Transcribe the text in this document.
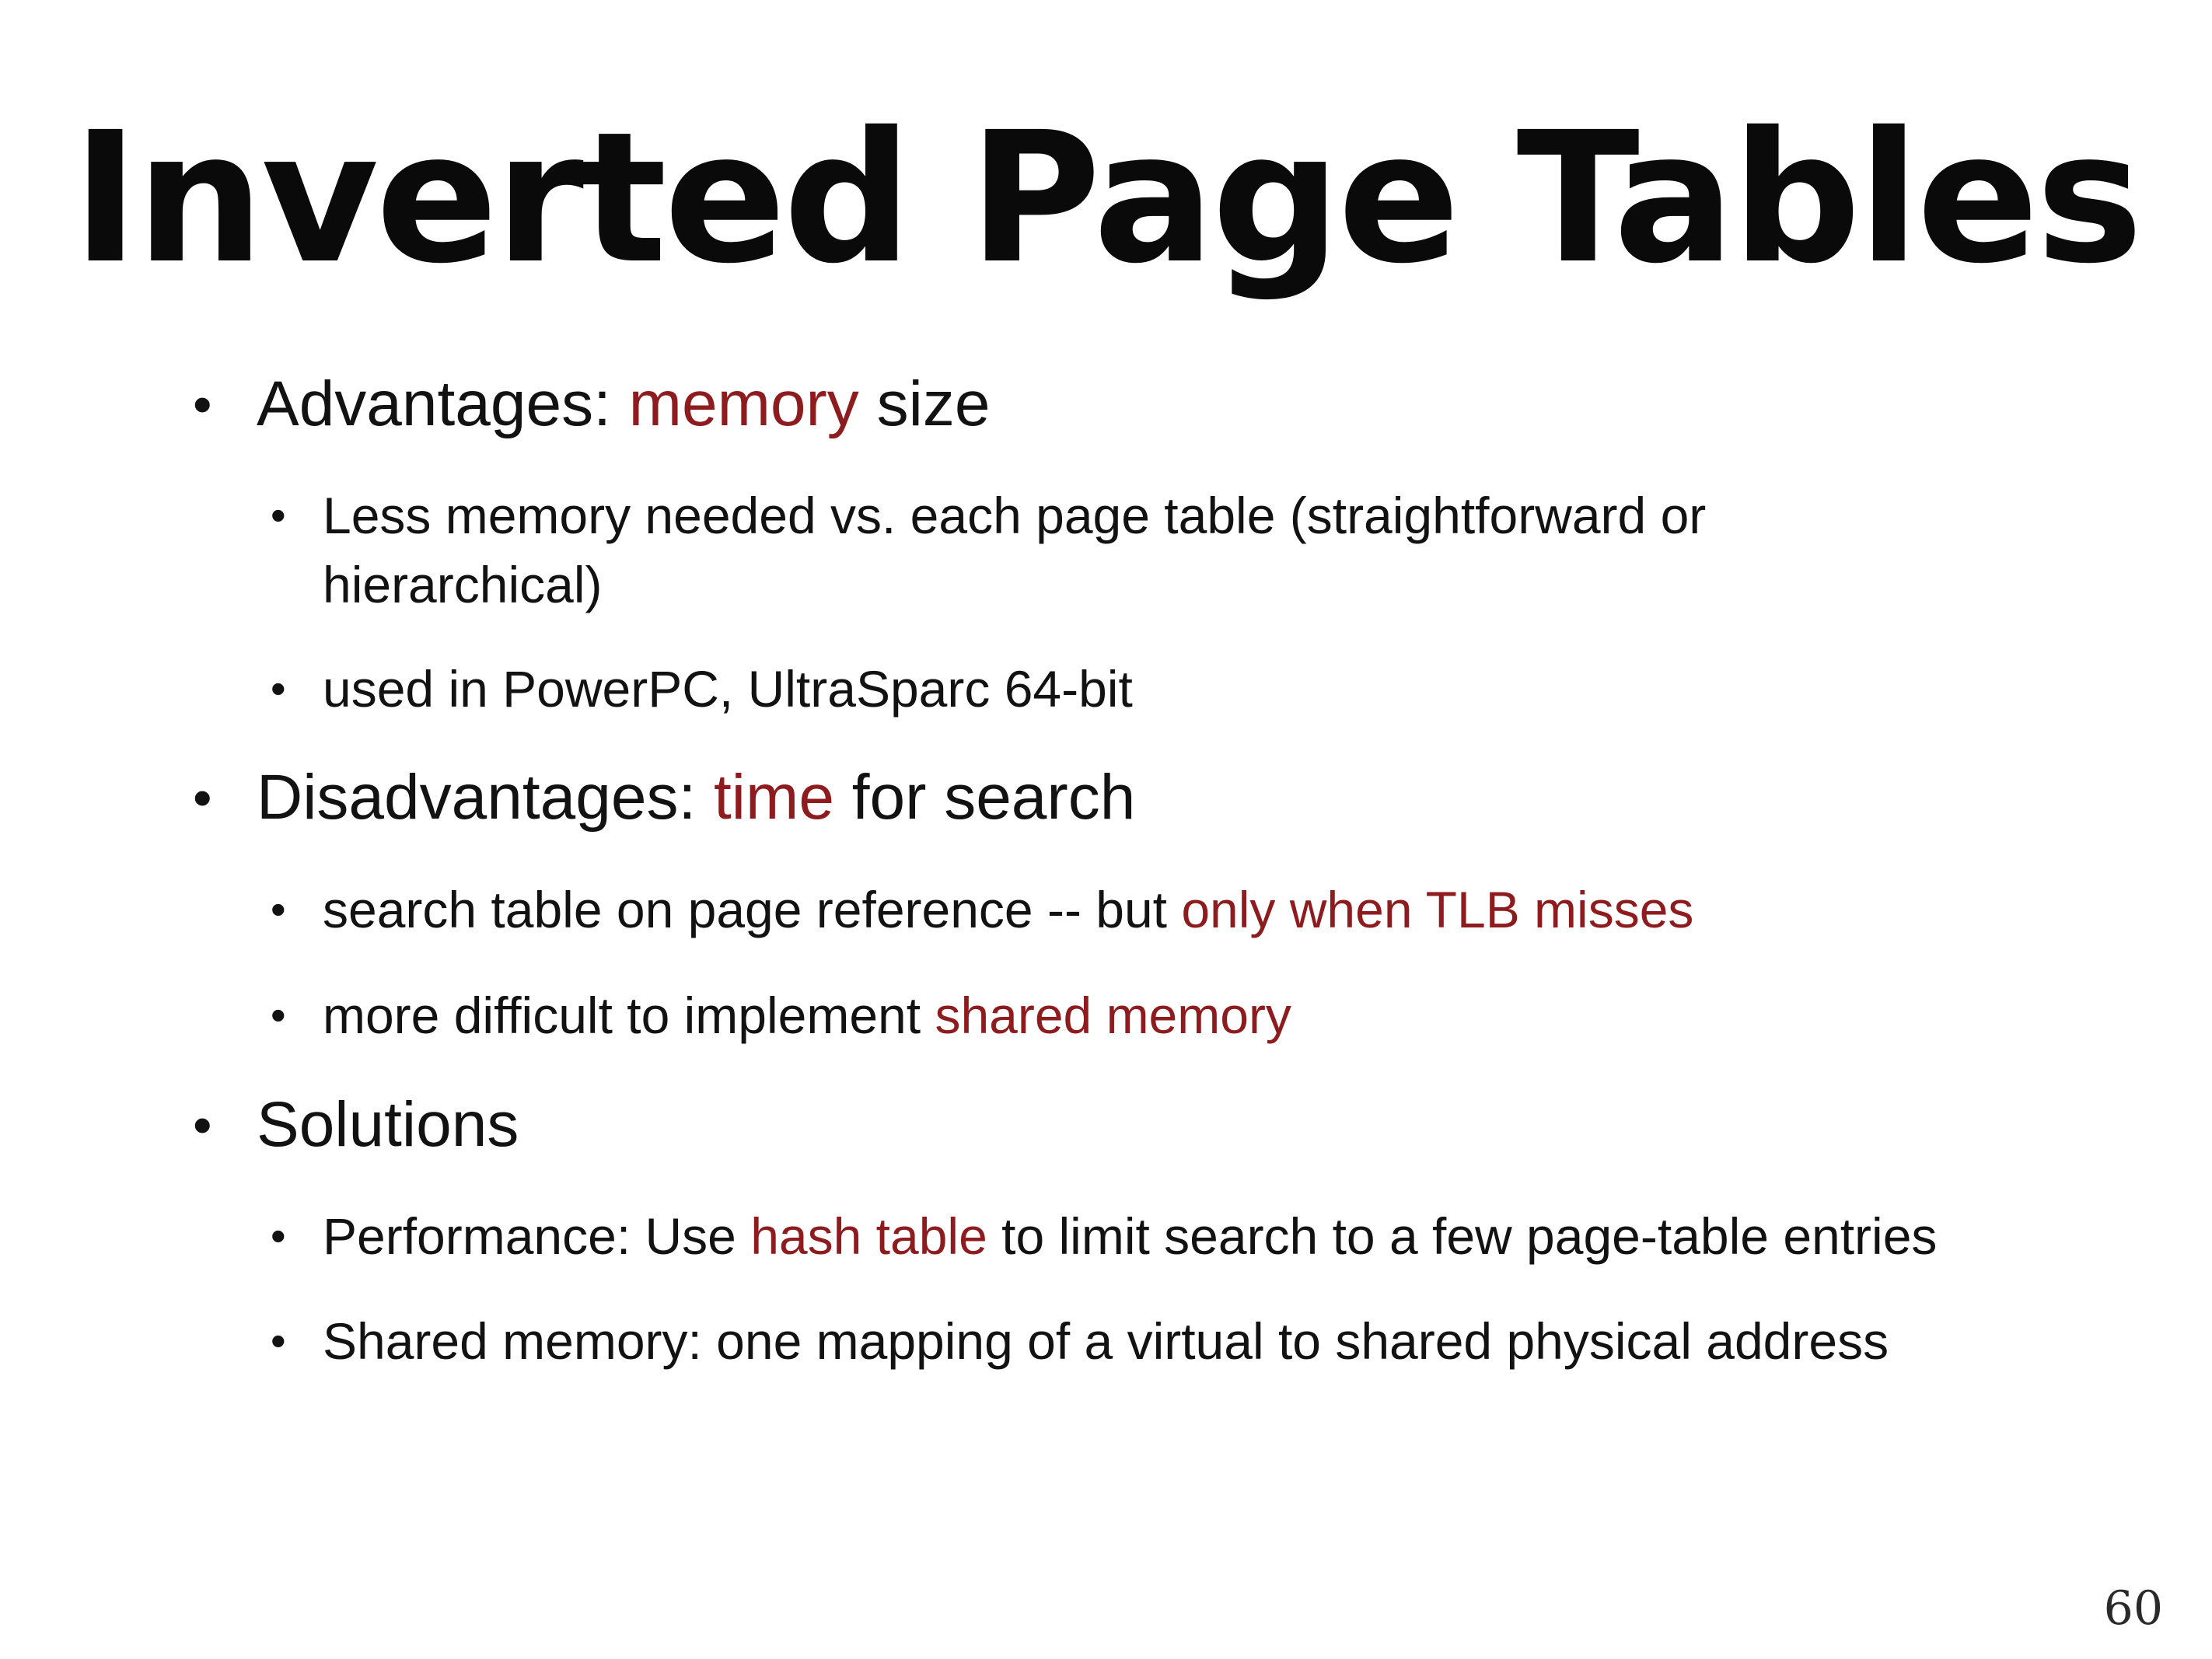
Inverted Page Tables
• Advantages: memory size
• Less memory needed vs. each page table (straightforward or
hierarchical)
• used in PowerPC, UltraSparc 64-bit
• Disadvantages: time for search
• search table on page reference -- but only when TLB misses
• more difficult to implement shared memory
• Solutions
• Performance: Use hash table to limit search to a few page-table entries
• Shared memory: one mapping of a virtual to shared physical address
60
